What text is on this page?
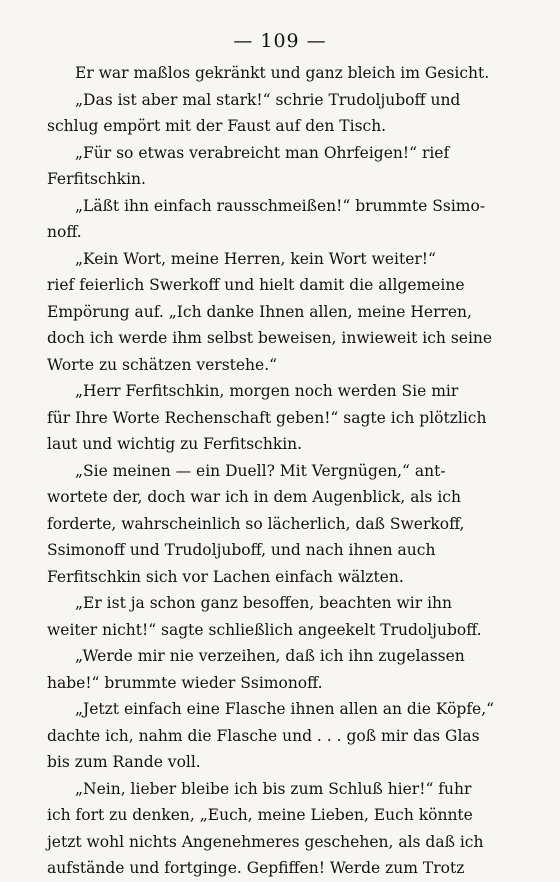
— 109 —
Er war maßlos gekränkt und ganz bleich im Gesicht.
„Das ist aber mal stark!“ schrie Trudoljuboff und
schlug empört mit der Faust auf den Tisch.
„Für so etwas verabreicht man Ohrfeigen!“ rief
Ferfitschkin.
„Läßt ihn einfach rausschmeißen!“ brummte Ssimo-
noff.
„Kein Wort, meine Herren, kein Wort weiter!“
rief feierlich Swerkoff und hielt damit die allgemeine
Empörung auf. „Ich danke Ihnen allen, meine Herren,
doch ich werde ihm selbst beweisen, inwieweit ich seine
Worte zu schätzen verstehe.“
„Herr Ferfitschkin, morgen noch werden Sie mir
für Ihre Worte Rechenschaft geben!“ sagte ich plötzlich
laut und wichtig zu Ferfitschkin.
„Sie meinen — ein Duell? Mit Vergnügen,“ ant-
wortete der, doch war ich in dem Augenblick, als ich
forderte, wahrscheinlich so lächerlich, daß Swerkoff,
Ssimonoff und Trudoljuboff, und nach ihnen auch
Ferfitschkin sich vor Lachen einfach wälzten.
„Er ist ja schon ganz besoffen, beachten wir ihn
weiter nicht!“ sagte schließlich angeekelt Trudoljuboff.
„Werde mir nie verzeihen, daß ich ihn zugelassen
habe!“ brummte wieder Ssimonoff.
„Jetzt einfach eine Flasche ihnen allen an die Köpfe,“
dachte ich, nahm die Flasche und . . . goß mir das Glas
bis zum Rande voll.
„Nein, lieber bleibe ich bis zum Schluß hier!“ fuhr
ich fort zu denken, „Euch, meine Lieben, Euch könnte
jetzt wohl nichts Angenehmeres geschehen, als daß ich
aufstände und fortginge. Gepfiffen! Werde zum Trotz
